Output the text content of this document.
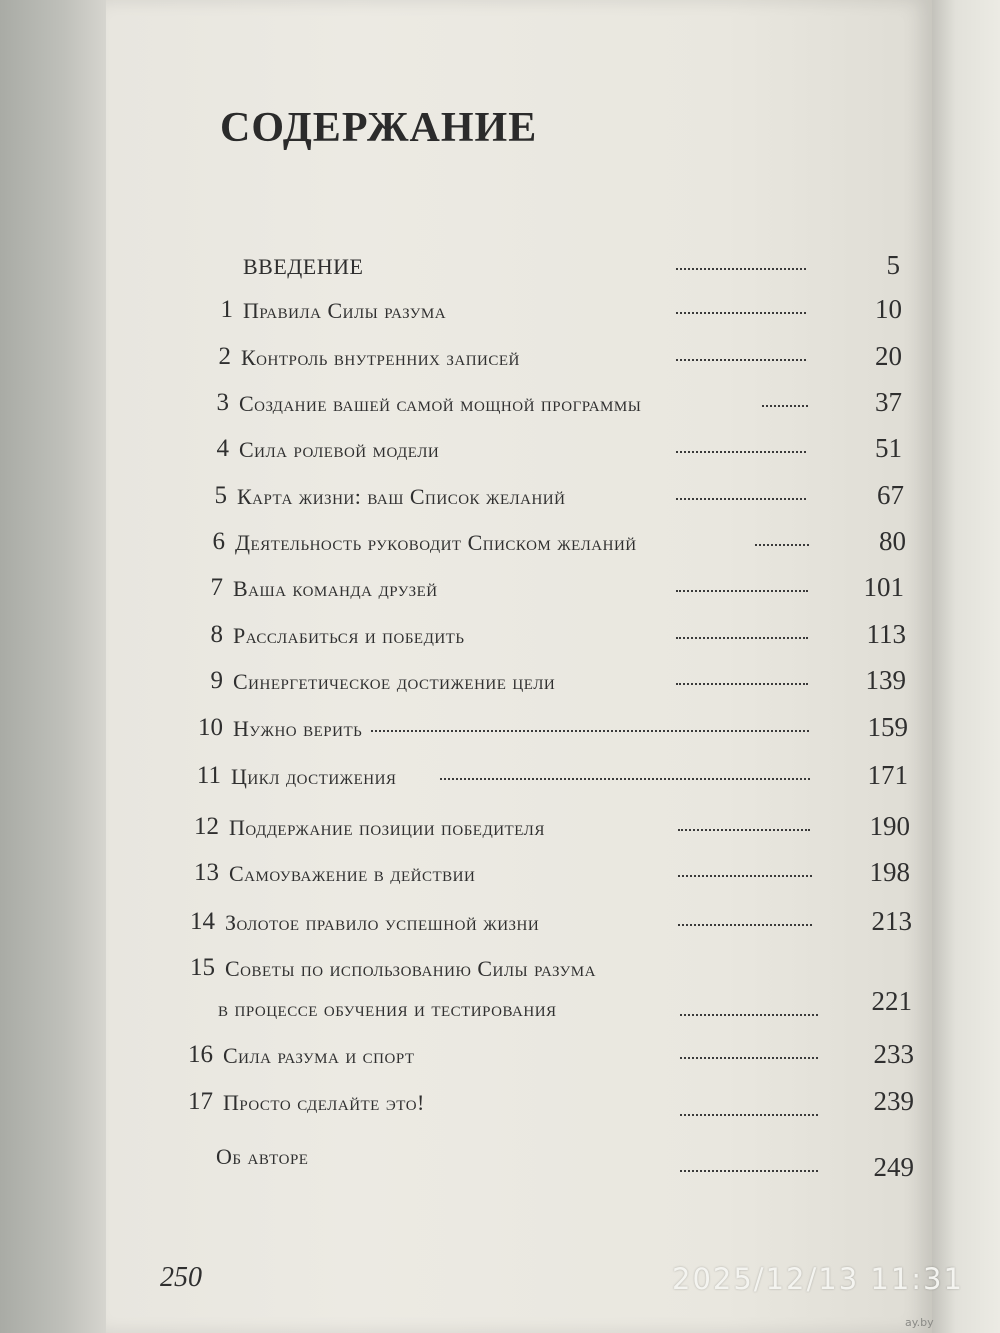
СОДЕРЖАНИЕ
ВВЕДЕНИЕ	5
1 Правила Силы разума	10
2 Контроль внутренних записей	20
3 Создание вашей самой мощной программы	37
4 Сила ролевой модели	51
5 Карта жизни: ваш Список желаний	67
6 Деятельность руководит Списком желаний	80
7 Ваша команда друзей	101
8 Расслабиться и победить	113
9 Синергетическое достижение цели	139
10 Нужно верить	159
11 Цикл достижения	171
12 Поддержание позиции победителя	190
13 Самоуважение в действии	198
14 Золотое правило успешной жизни	213
15 Советы по использованию Силы разума
в процессе обучения и тестирования	221
16 Сила разума и спорт	233
17 Просто сделайте это!	239
Об авторе	249
250	2025/12/13 11:31
ay.by
